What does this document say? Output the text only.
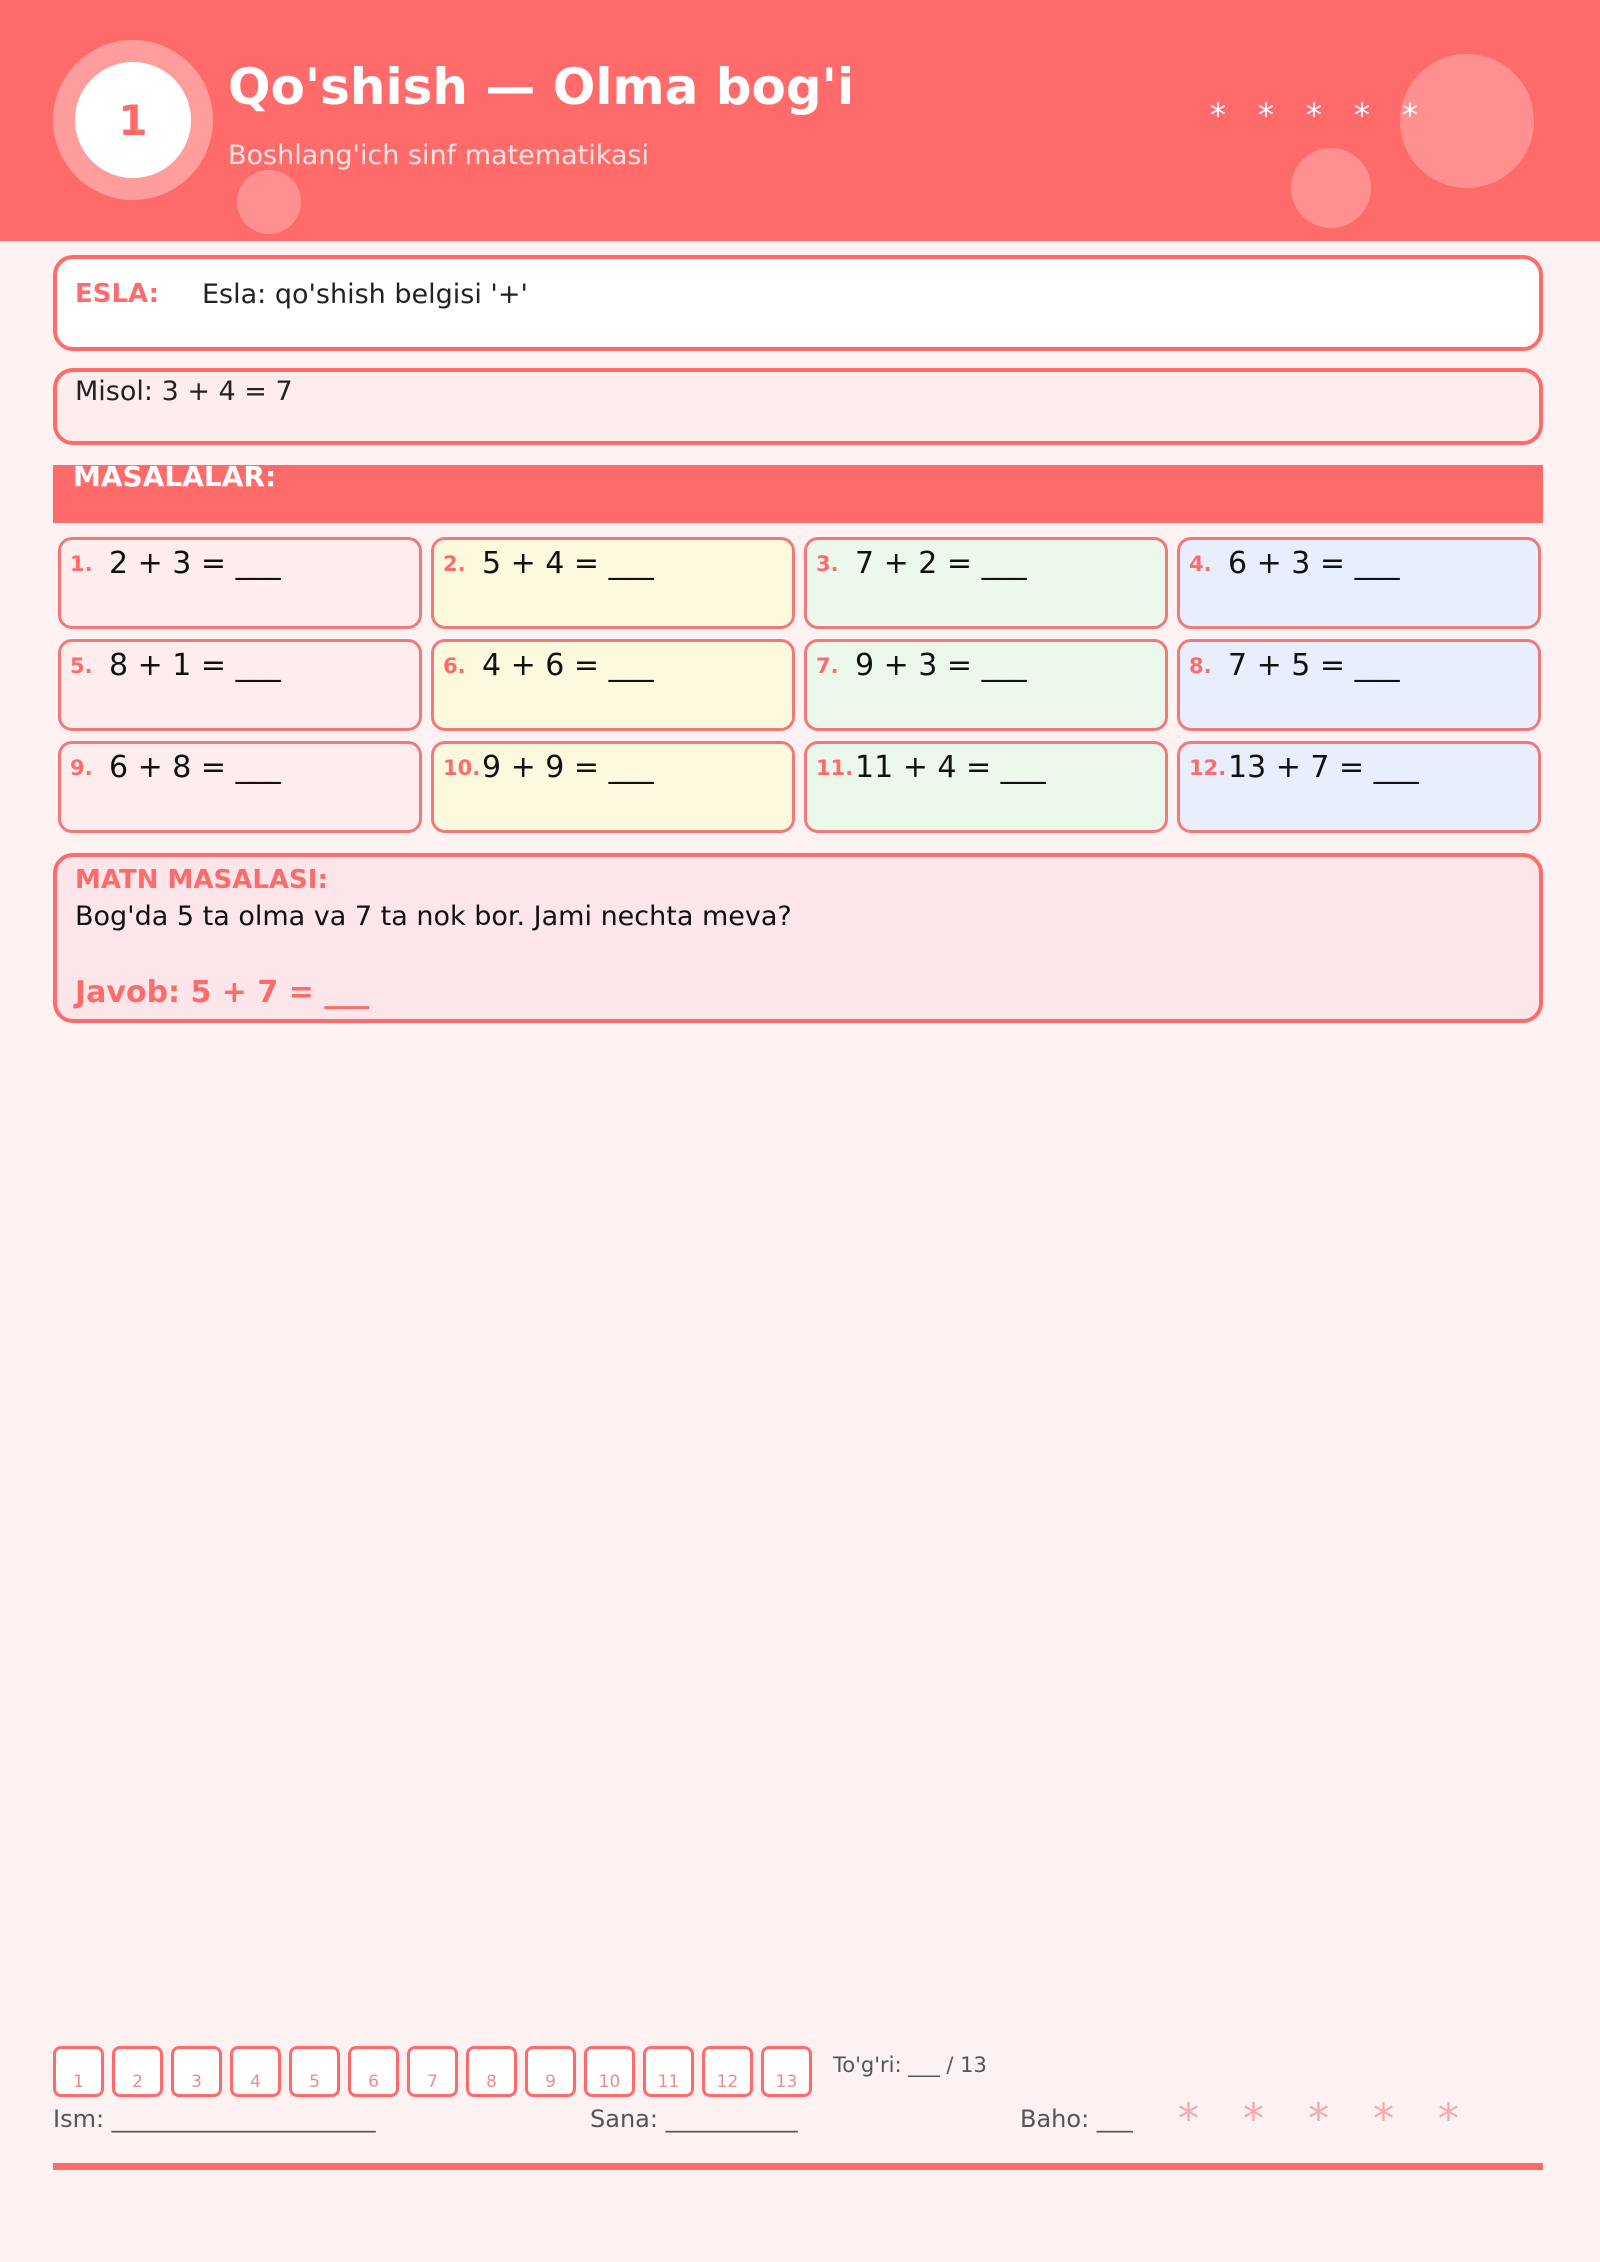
1
Qo'shish — Olma bog'i
Boshlang'ich sinf matematikasi
* * * * *
ESLA: Esla: qo'shish belgisi '+'
Misol: 3 + 4 = 7
MASALALAR:
1. 2 + 3 = ___	2. 5 + 4 = ___	3. 7 + 2 = ___	4. 6 + 3 = ___
5. 8 + 1 = ___	6. 4 + 6 = ___	7. 9 + 3 = ___	8. 7 + 5 = ___
9. 6 + 8 = ___	10. 9 + 9 = ___	11. 11 + 4 = ___	12. 13 + 7 = ___
MATN MASALASI:
Bog'da 5 ta olma va 7 ta nok bor. Jami nechta meva?
Javob: 5 + 7 = ___
1	2	3	4	5	6	7	8	9	10	11	12	13
To'g'ri: ___ / 13
Ism: ______________________	Sana: ___________	Baho: ___ * * * * *
